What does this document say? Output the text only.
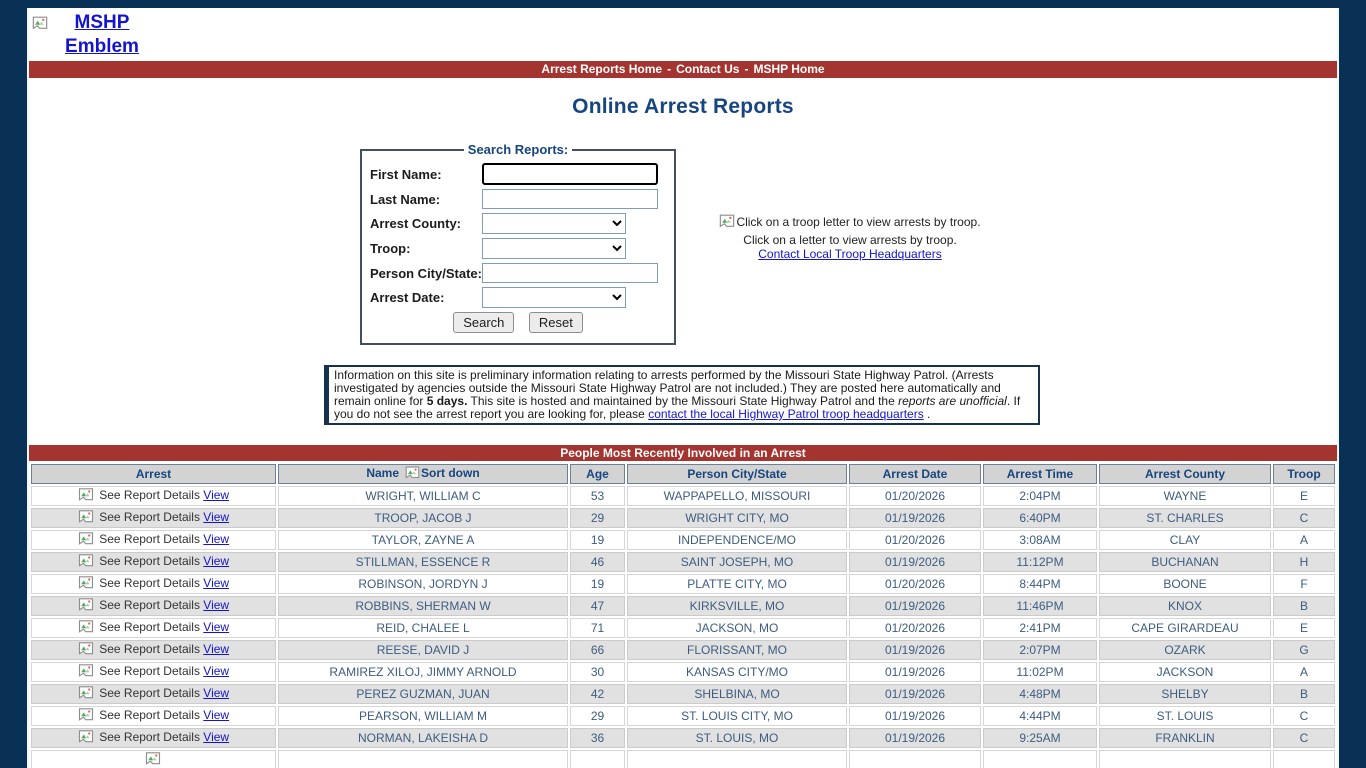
MSHP Emblem
Arrest Reports Home - Contact Us - MSHP Home
Online Arrest Reports
Search Reports:
First Name:	
Last Name:	
Arrest County:	

Troop:	

Person City/State:	
Arrest Date:	

Search Reset	
Click on a troop letter to view arrests by troop.
Click on a letter to view arrests by troop.
Contact Local Troop Headquarters
Information on this site is preliminary information relating to arrests performed by the Missouri State Highway Patrol. (Arrests investigated by agencies outside the Missouri State Highway Patrol are not included.) They are posted here automatically and remain online for 5 days. This site is hosted and maintained by the Missouri State Highway Patrol and the reports are unofficial. If you do not see the arrest report you are looking for, please contact the local Highway Patrol troop headquarters .
People Most Recently Involved in an Arrest
Arrest	Name Sort down	Age	Person City/State	Arrest Date	Arrest Time	Arrest County	Troop
See Report Details View	WRIGHT, WILLIAM C	53	WAPPAPELLO, MISSOURI	01/20/2026	2:04PM	WAYNE	E
See Report Details View	TROOP, JACOB J	29	WRIGHT CITY, MO	01/19/2026	6:40PM	ST. CHARLES	C
See Report Details View	TAYLOR, ZAYNE A	19	INDEPENDENCE/MO	01/20/2026	3:08AM	CLAY	A
See Report Details View	STILLMAN, ESSENCE R	46	SAINT JOSEPH, MO	01/19/2026	11:12PM	BUCHANAN	H
See Report Details View	ROBINSON, JORDYN J	19	PLATTE CITY, MO	01/20/2026	8:44PM	BOONE	F
See Report Details View	ROBBINS, SHERMAN W	47	KIRKSVILLE, MO	01/19/2026	11:46PM	KNOX	B
See Report Details View	REID, CHALEE L	71	JACKSON, MO	01/20/2026	2:41PM	CAPE GIRARDEAU	E
See Report Details View	REESE, DAVID J	66	FLORISSANT, MO	01/19/2026	2:07PM	OZARK	G
See Report Details View	RAMIREZ XILOJ, JIMMY ARNOLD	30	KANSAS CITY/MO	01/19/2026	11:02PM	JACKSON	A
See Report Details View	PEREZ GUZMAN, JUAN	42	SHELBINA, MO	01/19/2026	4:48PM	SHELBY	B
See Report Details View	PEARSON, WILLIAM M	29	ST. LOUIS CITY, MO	01/19/2026	4:44PM	ST. LOUIS	C
See Report Details View	NORMAN, LAKEISHA D	36	ST. LOUIS, MO	01/19/2026	9:25AM	FRANKLIN	C
